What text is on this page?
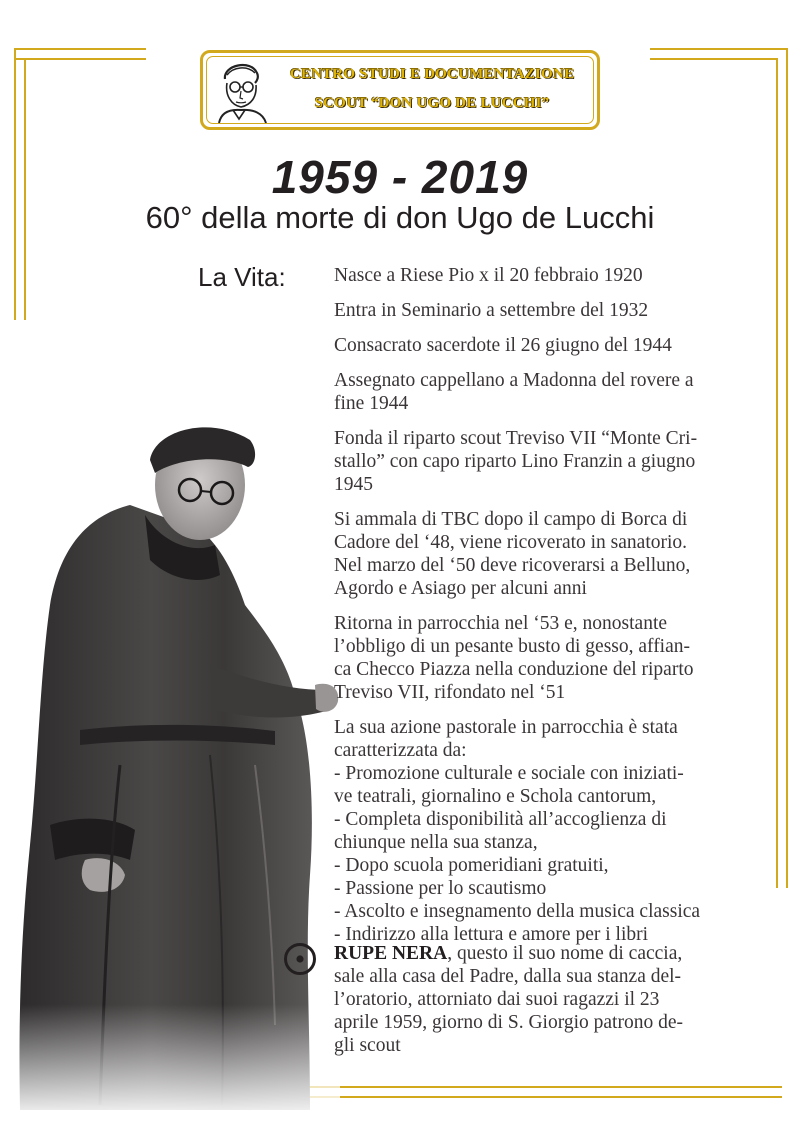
CENTRO STUDI E DOCUMENTAZIONE
SCOUT “DON UGO DE LUCCHI”
1959 - 2019
60° della morte di don Ugo de Lucchi
La Vita: Nasce a Riese Pio x il 20 febbraio 1920
Entra in Seminario a settembre del 1932
Consacrato sacerdote il 26 giugno del 1944
Assegnato cappellano a Madonna del rovere a
fine 1944
Fonda il riparto scout Treviso VII “Monte Cri-
stallo” con capo riparto Lino Franzin a giugno
1945
Si ammala di TBC dopo il campo di Borca di
Cadore del ‘48, viene ricoverato in sanatorio.
Nel marzo del ‘50 deve ricoverarsi a Belluno,
Agordo e Asiago per alcuni anni
Ritorna in parrocchia nel ‘53 e, nonostante
l’obbligo di un pesante busto di gesso, affian-
ca Checco Piazza nella conduzione del riparto
Treviso VII, rifondato nel ‘51
La sua azione pastorale in parrocchia è stata
caratterizzata da:
- Promozione culturale e sociale con iniziati-
ve teatrali, giornalino e Schola cantorum,
- Completa disponibilità all’accoglienza di
chiunque nella sua stanza,
- Dopo scuola pomeridiani gratuiti,
- Passione per lo scautismo
- Ascolto e insegnamento della musica classica
- Indirizzo alla lettura e amore per i libri
RUPE NERA, questo il suo nome di caccia,
sale alla casa del Padre, dalla sua stanza del-
l’oratorio, attorniato dai suoi ragazzi il 23
aprile 1959, giorno di S. Giorgio patrono de-
gli scout
